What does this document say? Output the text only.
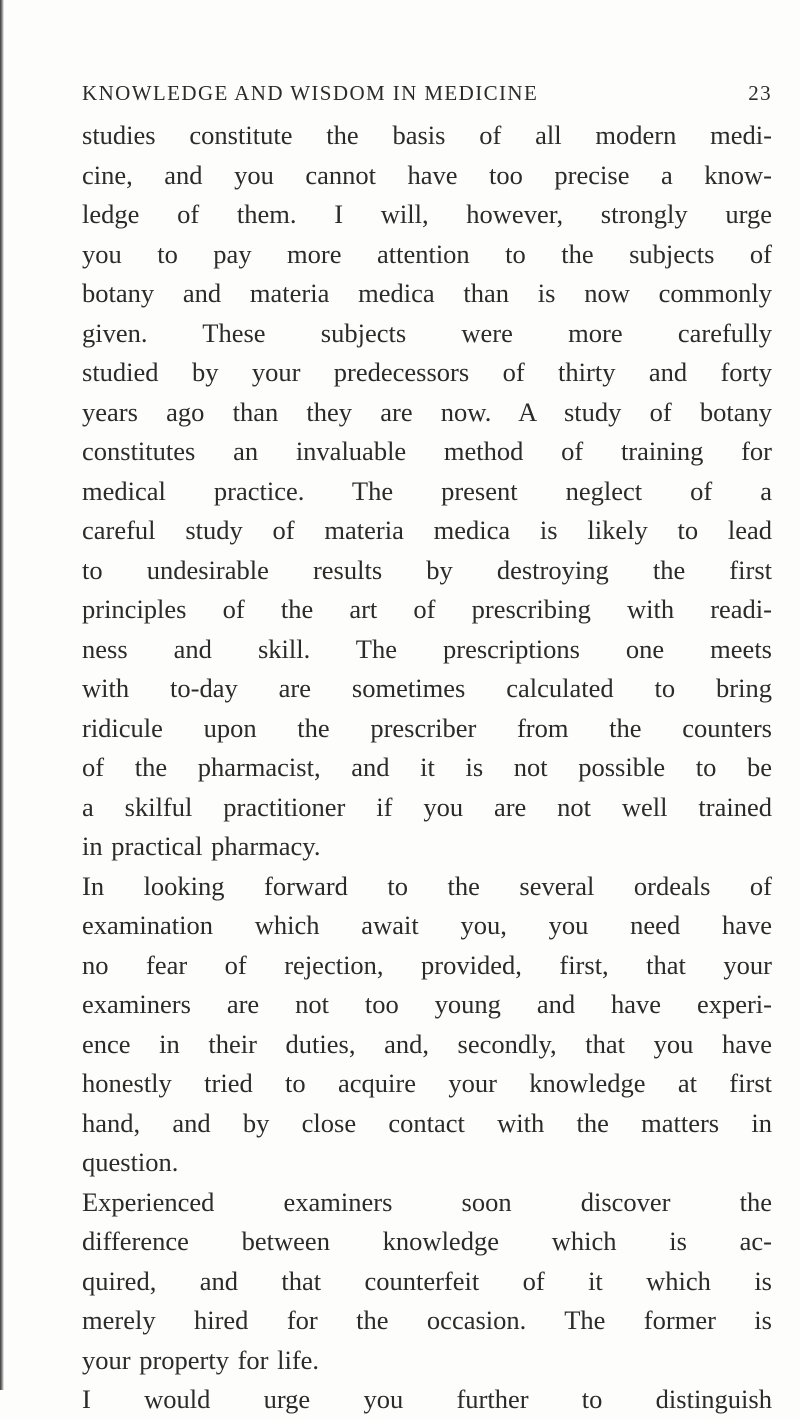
KNOWLEDGE AND WISDOM IN MEDICINE	23
studies constitute the basis of all modern medi-
cine, and you cannot have too precise a know-
ledge of them. I will, however, strongly urge
you to pay more attention to the subjects of
botany and materia medica than is now commonly
given. These subjects were more carefully
studied by your predecessors of thirty and forty
years ago than they are now. A study of botany
constitutes an invaluable method of training for
medical practice. The present neglect of a
careful study of materia medica is likely to lead
to undesirable results by destroying the first
principles of the art of prescribing with readi-
ness and skill. The prescriptions one meets
with to-day are sometimes calculated to bring
ridicule upon the prescriber from the counters
of the pharmacist, and it is not possible to be
a skilful practitioner if you are not well trained
in practical pharmacy.
In looking forward to the several ordeals of
examination which await you, you need have
no fear of rejection, provided, first, that your
examiners are not too young and have experi-
ence in their duties, and, secondly, that you have
honestly tried to acquire your knowledge at first
hand, and by close contact with the matters in
question.
Experienced examiners soon discover the
difference between knowledge which is ac-
quired, and that counterfeit of it which is
merely hired for the occasion. The former is
your property for life.
I would urge you further to distinguish
